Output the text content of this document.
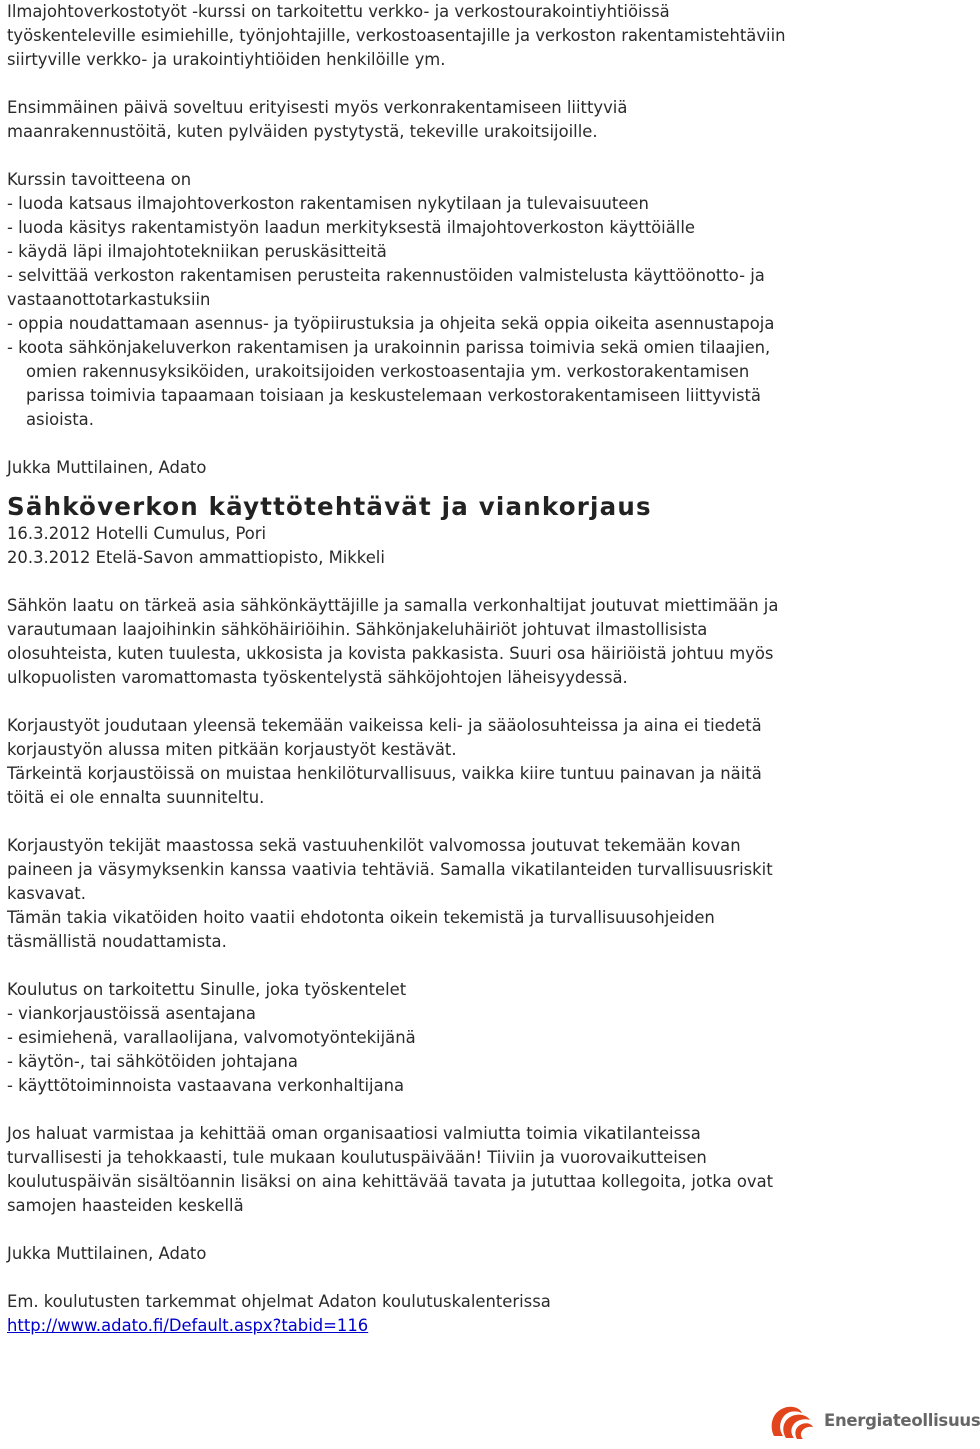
Ilmajohtoverkostotyöt -kurssi on tarkoitettu verkko- ja verkostourakointiyhtiöissä
työskenteleville esimiehille, työnjohtajille, verkostoasentajille ja verkoston rakentamistehtäviin
siirtyville verkko- ja urakointiyhtiöiden henkilöille ym.
Ensimmäinen päivä soveltuu erityisesti myös verkonrakentamiseen liittyviä
maanrakennustöitä, kuten pylväiden pystytystä, tekeville urakoitsijoille.
Kurssin tavoitteena on
- luoda katsaus ilmajohtoverkoston rakentamisen nykytilaan ja tulevaisuuteen
- luoda käsitys rakentamistyön laadun merkityksestä ilmajohtoverkoston käyttöiälle
- käydä läpi ilmajohtotekniikan peruskäsitteitä
- selvittää verkoston rakentamisen perusteita rakennustöiden valmistelusta käyttöönotto- ja
vastaanottotarkastuksiin
- oppia noudattamaan asennus- ja työpiirustuksia ja ohjeita sekä oppia oikeita asennustapoja
- koota sähkönjakeluverkon rakentamisen ja urakoinnin parissa toimivia sekä omien tilaajien,
omien rakennusyksiköiden, urakoitsijoiden verkostoasentajia ym. verkostorakentamisen
parissa toimivia tapaamaan toisiaan ja keskustelemaan verkostorakentamiseen liittyvistä
asioista.
Jukka Muttilainen, Adato
Sähköverkon käyttötehtävät ja viankorjaus
16.3.2012 Hotelli Cumulus, Pori
20.3.2012 Etelä-Savon ammattiopisto, Mikkeli
Sähkön laatu on tärkeä asia sähkönkäyttäjille ja samalla verkonhaltijat joutuvat miettimään ja
varautumaan laajoihinkin sähköhäiriöihin. Sähkönjakeluhäiriöt johtuvat ilmastollisista
olosuhteista, kuten tuulesta, ukkosista ja kovista pakkasista. Suuri osa häiriöistä johtuu myös
ulkopuolisten varomattomasta työskentelystä sähköjohtojen läheisyydessä.
Korjaustyöt joudutaan yleensä tekemään vaikeissa keli- ja sääolosuhteissa ja aina ei tiedetä
korjaustyön alussa miten pitkään korjaustyöt kestävät.
Tärkeintä korjaustöissä on muistaa henkilöturvallisuus, vaikka kiire tuntuu painavan ja näitä
töitä ei ole ennalta suunniteltu.
Korjaustyön tekijät maastossa sekä vastuuhenkilöt valvomossa joutuvat tekemään kovan
paineen ja väsymyksenkin kanssa vaativia tehtäviä. Samalla vikatilanteiden turvallisuusriskit
kasvavat.
Tämän takia vikatöiden hoito vaatii ehdotonta oikein tekemistä ja turvallisuusohjeiden
täsmällistä noudattamista.
Koulutus on tarkoitettu Sinulle, joka työskentelet
- viankorjaustöissä asentajana
- esimiehenä, varallaolijana, valvomotyöntekijänä
- käytön-, tai sähkötöiden johtajana
- käyttötoiminnoista vastaavana verkonhaltijana
Jos haluat varmistaa ja kehittää oman organisaatiosi valmiutta toimia vikatilanteissa
turvallisesti ja tehokkaasti, tule mukaan koulutuspäivään! Tiiviin ja vuorovaikutteisen
koulutuspäivän sisältöannin lisäksi on aina kehittävää tavata ja jututtaa kollegoita, jotka ovat
samojen haasteiden keskellä
Jukka Muttilainen, Adato
Em. koulutusten tarkemmat ohjelmat Adaton koulutuskalenterissa
http://www.adato.fi/Default.aspx?tabid=116
Energiateollisuus
